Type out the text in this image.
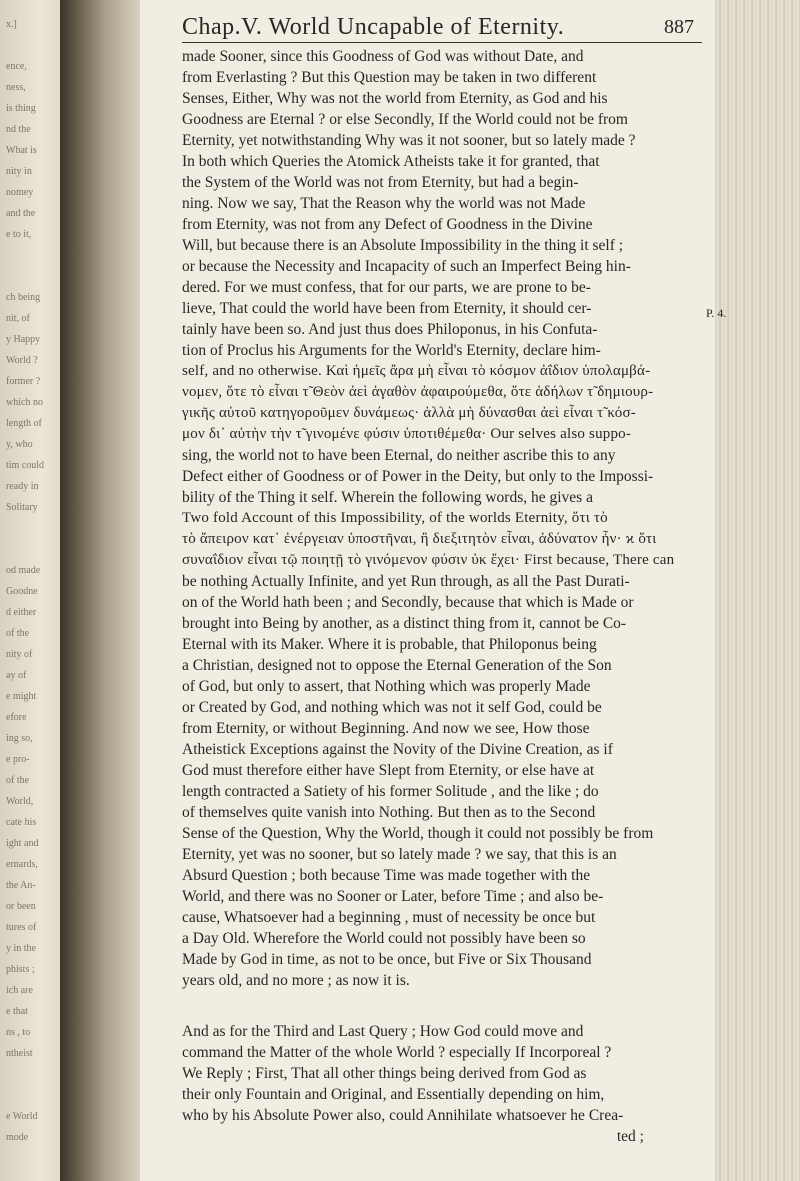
x.]
ence,
ness,
is thing
nd the
What is
nity in
nomey
and the
e to it,
ch being
nit, of
y Happy
World ?
former ?
which no
length of
y, who
tim could
ready in
Solitary
od made
Goodne
d either
of the
nity of
ay of
e might
efore
ing so,
e pro-
of the
World,
cate his
ight and
ernards,
the An-
or been
tures of
y in the
phists ;
ich are
e that
ns , to
ntheist
e World
mode
Chap.V. World Uncapable of Eternity.	887
P. 4.
made Sooner, since this Goodness of God was without Date, and
from Everlasting ? But this Question may be taken in two different
Senses, Either, Why was not the world from Eternity, as God and his
Goodness are Eternal ? or else Secondly, If the World could not be from
Eternity, yet notwithstanding Why was it not sooner, but so lately made ?
In both which Queries the Atomick Atheists take it for granted, that
the System of the World was not from Eternity, but had a begin-
ning. Now we say, That the Reason why the world was not Made
from Eternity, was not from any Defect of Goodness in the Divine
Will, but because there is an Absolute Impossibility in the thing it self ;
or because the Necessity and Incapacity of such an Imperfect Being hin-
dered. For we must confess, that for our parts, we are prone to be-
lieve, That could the world have been from Eternity, it should cer-
tainly have been so. And just thus does Philoponus, in his Confuta-
tion of Proclus his Arguments for the World's Eternity, declare him-
self, and no otherwise. Καὶ ἡμεῖς ἄρα μὴ εἶναι τὸ κόσμον ἀΐδιον ὑπολαμβά-
νομεν, ὅτε τὸ εἶναι τ̃ Θεὸν ἀεὶ ἀγαθὸν ἀφαιρούμεθα, ὅτε ἀδήλων τ̃ δημιουρ-
γικῆς αὐτοῦ κατηγοροῦμεν δυνάμεως· ἀλλὰ μὴ δύνασθαι ἀεὶ εἶναι τ̃ κόσ-
μον δι᾽ αὐτὴν τὴν τ̃ γινομένε φύσιν ὑποτιθέμεθα· Our selves also suppo-
sing, the world not to have been Eternal, do neither ascribe this to any
Defect either of Goodness or of Power in the Deity, but only to the Impossi-
bility of the Thing it self. Wherein the following words, he gives a
Two fold Account of this Impossibility, of the worlds Eternity, ὅτι τὸ
τὸ ἄπειρον κατ᾽ ἐνέργειαν ὑποστῆναι, ἢ διεξιτητὸν εἶναι, ἀδύνατον ἦν· ϰ ὅτι
συναΐδιον εἶναι τῷ ποιητῇ τὸ γινόμενον φύσιν ὐκ ἔχει· First because, There can
be nothing Actually Infinite, and yet Run through, as all the Past Durati-
on of the World hath been ; and Secondly, because that which is Made or
brought into Being by another, as a distinct thing from it, cannot be Co-
Eternal with its Maker. Where it is probable, that Philoponus being
a Christian, designed not to oppose the Eternal Generation of the Son
of God, but only to assert, that Nothing which was properly Made
or Created by God, and nothing which was not it self God, could be
from Eternity, or without Beginning. And now we see, How those
Atheistick Exceptions against the Novity of the Divine Creation, as if
God must therefore either have Slept from Eternity, or else have at
length contracted a Satiety of his former Solitude , and the like ; do
of themselves quite vanish into Nothing. But then as to the Second
Sense of the Question, Why the World, though it could not possibly be from
Eternity, yet was no sooner, but so lately made ? we say, that this is an
Absurd Question ; both because Time was made together with the
World, and there was no Sooner or Later, before Time ; and also be-
cause, Whatsoever had a beginning , must of necessity be once but
a Day Old. Wherefore the World could not possibly have been so
Made by God in time, as not to be once, but Five or Six Thousand
years old, and no more ; as now it is.
And as for the Third and Last Query ; How God could move and
command the Matter of the whole World ? especially If Incorporeal ?
We Reply ; First, That all other things being derived from God as
their only Fountain and Original, and Essentially depending on him,
who by his Absolute Power also, could Annihilate whatsoever he Crea-
ted ;
